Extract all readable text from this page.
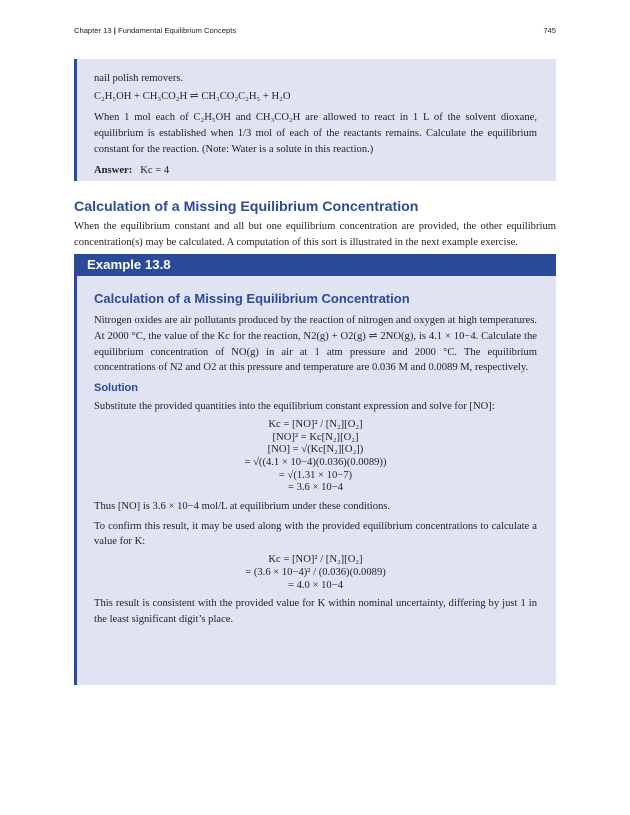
Chapter 13 | Fundamental Equilibrium Concepts	745

nail polish removers.

C₂H₅OH + CH₃CO₂H ⇌ CH₃CO₂C₂H₅ + H₂O

When 1 mol each of C₂H₅OH and CH₃CO₂H are allowed to react in 1 L of the solvent dioxane, equilibrium is established when 1/3 mol of each of the reactants remains. Calculate the equilibrium constant for the reaction. (Note: Water is a solute in this reaction.)

Answer: Kc = 4

Calculation of a Missing Equilibrium Concentration

When the equilibrium constant and all but one equilibrium concentration are provided, the other equilibrium concentration(s) may be calculated. A computation of this sort is illustrated in the next example exercise.

Example 13.8
Calculation of a Missing Equilibrium Concentration

Nitrogen oxides are air pollutants produced by the reaction of nitrogen and oxygen at high temperatures. At 2000 °C, the value of the Kc for the reaction, N2(g) + O2(g) ⇌ 2NO(g), is 4.1 × 10−4. Calculate the equilibrium concentration of NO(g) in air at 1 atm pressure and 2000 °C. The equilibrium concentrations of N2 and O2 at this pressure and temperature are 0.036 M and 0.0089 M, respectively.

Solution

Substitute the provided quantities into the equilibrium constant expression and solve for [NO]:

Kc = [NO]² / [N₂][O₂]
[NO]² = Kc[N₂][O₂]
[NO] = √(Kc[N₂][O₂])
= √((4.1 × 10−4)(0.036)(0.0089))
= √(1.31 × 10−7)
= 3.6 × 10−4

Thus [NO] is 3.6 × 10−4 mol/L at equilibrium under these conditions.

To confirm this result, it may be used along with the provided equilibrium concentrations to calculate a value for K:

Kc = [NO]² / [N₂][O₂]
= (3.6 × 10−4)² / (0.036)(0.0089)
= 4.0 × 10−4

This result is consistent with the provided value for K within nominal uncertainty, differing by just 1 in the least significant digit’s place.
